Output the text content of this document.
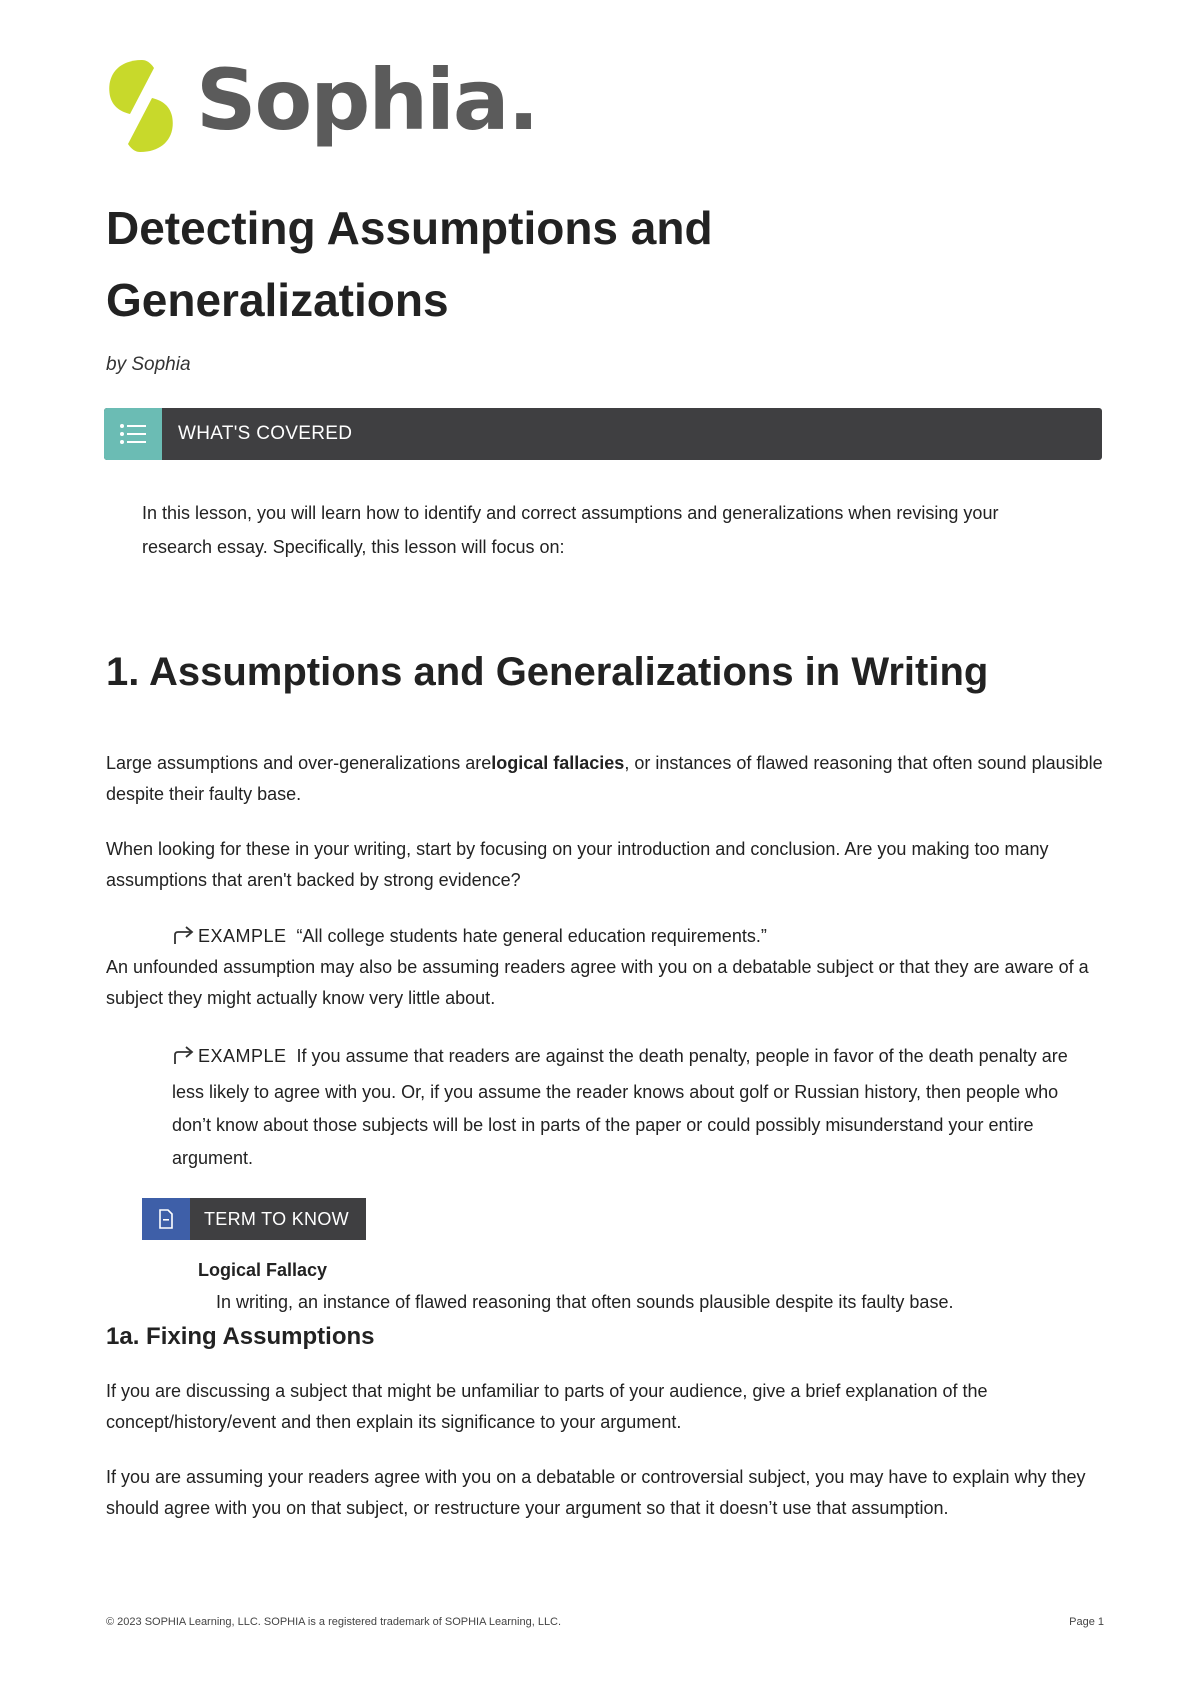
Sophia.
Detecting Assumptions and Generalizations
by Sophia
WHAT'S COVERED
In this lesson, you will learn how to identify and correct assumptions and generalizations when revising your research essay. Specifically, this lesson will focus on:
1. Assumptions and Generalizations in Writing

Large assumptions and over-generalizations arelogical fallacies, or instances of flawed reasoning that often sound plausible despite their faulty base.

When looking for these in your writing, start by focusing on your introduction and conclusion. Are you making too many assumptions that aren't backed by strong evidence?

EXAMPLE “All college students hate general education requirements.”

An unfounded assumption may also be assuming readers agree with you on a debatable subject or that they are aware of a subject they might actually know very little about.

EXAMPLE If you assume that readers are against the death penalty, people in favor of the death penalty are less likely to agree with you. Or, if you assume the reader knows about golf or Russian history, then people who don’t know about those subjects will be lost in parts of the paper or could possibly misunderstand your entire argument.
TERM TO KNOW
Logical Fallacy
In writing, an instance of flawed reasoning that often sounds plausible despite its faulty base.
1a. Fixing Assumptions

If you are discussing a subject that might be unfamiliar to parts of your audience, give a brief explanation of the concept/history/event and then explain its significance to your argument.

If you are assuming your readers agree with you on a debatable or controversial subject, you may have to explain why they should agree with you on that subject, or restructure your argument so that it doesn’t use that assumption.

© 2023 SOPHIA Learning, LLC. SOPHIA is a registered trademark of SOPHIA Learning, LLC.	Page 1
